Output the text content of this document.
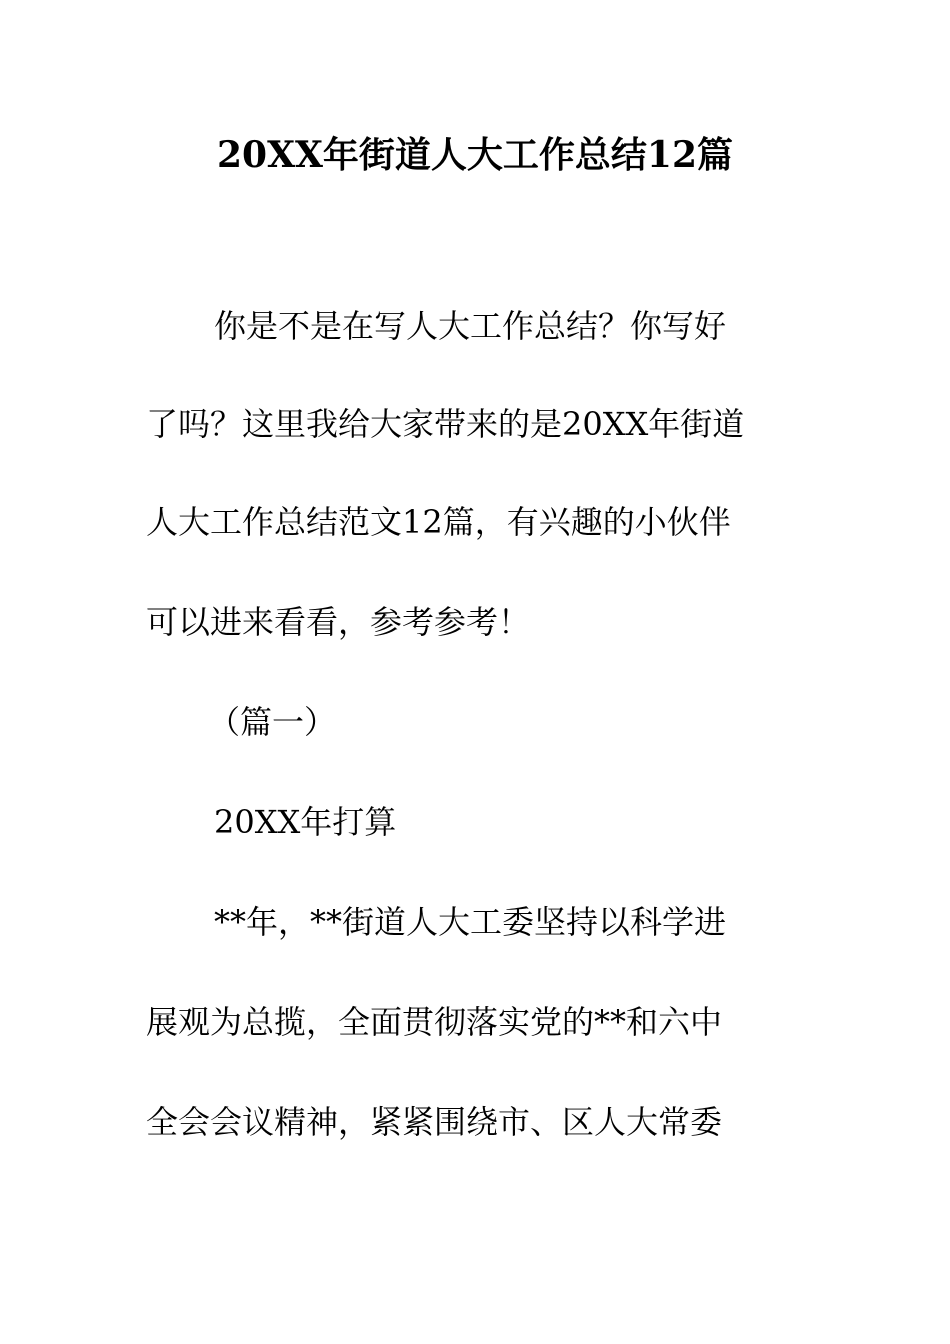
20XX年街道人大工作总结12篇
你是不是在写人大工作总结？你写好
了吗？这里我给大家带来的是20XX年街道
人大工作总结范文12篇，有兴趣的小伙伴
可以进来看看，参考参考！
（篇一）
20XX年打算
**年，**街道人大工委坚持以科学进
展观为总揽，全面贯彻落实党的**和六中
全会会议精神，紧紧围绕市、区人大常委
